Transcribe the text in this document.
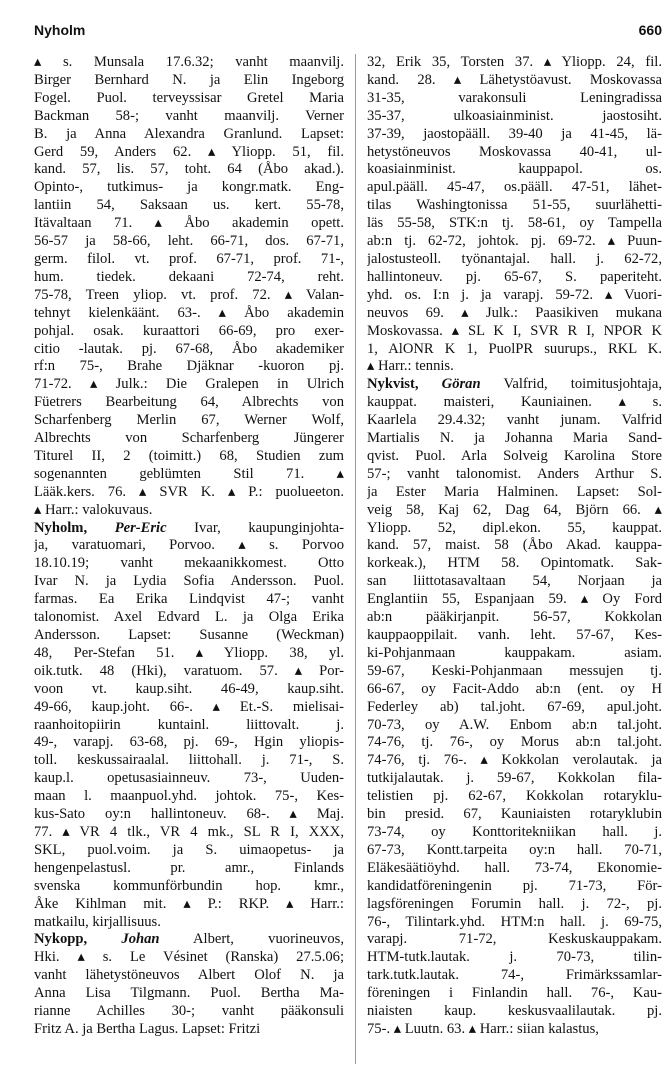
Nyholm	660
▴ s. Munsala 17.6.32; vanht maanvilj.
Birger Bernhard N. ja Elin Ingeborg
Fogel. Puol. terveyssisar Gretel Maria
Backman 58-; vanht maanvilj. Verner
B. ja Anna Alexandra Granlund. Lapset:
Gerd 59, Anders 62. ▴ Yliopp. 51, fil.
kand. 57, lis. 57, toht. 64 (Åbo akad.).
Opinto-, tutkimus- ja kongr.matk. Eng-
lantiin 54, Saksaan us. kert. 55-78,
Itävaltaan 71. ▴ Åbo akademin opett.
56-57 ja 58-66, leht. 66-71, dos. 67-71,
germ. filol. vt. prof. 67-71, prof. 71-,
hum. tiedek. dekaani 72-74, reht.
75-78, Treen yliop. vt. prof. 72. ▴ Valan-
tehnyt kielenkäänt. 63-. ▴ Åbo akademin
pohjal. osak. kuraattori 66-69, pro exer-
citio -lautak. pj. 67-68, Åbo akademiker
rf:n 75-, Brahe Djäknar -kuoron pj.
71-72. ▴ Julk.: Die Gralepen in Ulrich
Füetrers Bearbeitung 64, Albrechts von
Scharfenberg Merlin 67, Werner Wolf,
Albrechts von Scharfenberg Jüngerer
Titurel II, 2 (toimitt.) 68, Studien zum
sogenannten geblümten Stil 71. ▴
Lääk.kers. 76. ▴ SVR K. ▴ P.: puolueeton.
▴ Harr.: valokuvaus.
Nyholm, Per-Eric Ivar, kaupunginjohta-
ja, varatuomari, Porvoo. ▴ s. Porvoo
18.10.19; vanht mekaanikkomest. Otto
Ivar N. ja Lydia Sofia Andersson. Puol.
farmas. Ea Erika Lindqvist 47-; vanht
talonomist. Axel Edvard L. ja Olga Erika
Andersson. Lapset: Susanne (Weckman)
48, Per-Stefan 51. ▴ Yliopp. 38, yl.
oik.tutk. 48 (Hki), varatuom. 57. ▴ Por-
voon vt. kaup.siht. 46-49, kaup.siht.
49-66, kaup.joht. 66-. ▴ Et.-S. mielisai-
raanhoitopiirin kuntainl. liittovalt. j.
49-, varapj. 63-68, pj. 69-, Hgin yliopis-
toll. keskussairaalal. liittohall. j. 71-, S.
kaup.l. opetusasiainneuv. 73-, Uuden-
maan l. maanpuol.yhd. johtok. 75-, Kes-
kus-Sato oy:n hallintoneuv. 68-. ▴ Maj.
77. ▴ VR 4 tlk., VR 4 mk., SL R I, XXX,
SKL, puol.voim. ja S. uimaopetus- ja
hengenpelastusl. pr. amr., Finlands
svenska kommunförbundin hop. kmr.,
Åke Kihlman mit. ▴ P.: RKP. ▴ Harr.:
matkailu, kirjallisuus.
Nykopp, Johan Albert, vuorineuvos,
Hki. ▴ s. Le Vésinet (Ranska) 27.5.06;
vanht lähetystöneuvos Albert Olof N. ja
Anna Lisa Tilgmann. Puol. Bertha Ma-
rianne Achilles 30-; vanht pääkonsuli
Fritz A. ja Bertha Lagus. Lapset: Fritzi
32, Erik 35, Torsten 37. ▴ Yliopp. 24, fil.
kand. 28. ▴ Lähetystöavust. Moskovassa
31-35, varakonsuli Leningradissa
35-37, ulkoasiainminist. jaostosiht.
37-39, jaostopääll. 39-40 ja 41-45, lä-
hetystöneuvos Moskovassa 40-41, ul-
koasiainminist. kauppapol. os.
apul.pääll. 45-47, os.pääll. 47-51, lähet-
tilas Washingtonissa 51-55, suurlähetti-
läs 55-58, STK:n tj. 58-61, oy Tampella
ab:n tj. 62-72, johtok. pj. 69-72. ▴ Puun-
jalostusteoll. työnantajal. hall. j. 62-72,
hallintoneuv. pj. 65-67, S. paperiteht.
yhd. os. I:n j. ja varapj. 59-72. ▴ Vuori-
neuvos 69. ▴ Julk.: Paasikiven mukana
Moskovassa. ▴ SL K I, SVR R I, NPOR K
1, AlONR K 1, PuolPR suurups., RKL K.
▴ Harr.: tennis.
Nykvist, Göran Valfrid, toimitusjohtaja,
kauppat. maisteri, Kauniainen. ▴ s.
Kaarlela 29.4.32; vanht junam. Valfrid
Martialis N. ja Johanna Maria Sand-
qvist. Puol. Arla Solveig Karolina Store
57-; vanht talonomist. Anders Arthur S.
ja Ester Maria Halminen. Lapset: Sol-
veig 58, Kaj 62, Dag 64, Björn 66. ▴
Yliopp. 52, dipl.ekon. 55, kauppat.
kand. 57, maist. 58 (Åbo Akad. kauppa-
korkeak.), HTM 58. Opintomatk. Sak-
san liittotasavaltaan 54, Norjaan ja
Englantiin 55, Espanjaan 59. ▴ Oy Ford
ab:n pääkirjanpit. 56-57, Kokkolan
kauppaoppilait. vanh. leht. 57-67, Kes-
ki-Pohjanmaan kauppakam. asiam.
59-67, Keski-Pohjanmaan messujen tj.
66-67, oy Facit-Addo ab:n (ent. oy H
Federley ab) tal.joht. 67-69, apul.joht.
70-73, oy A.W. Enbom ab:n tal.joht.
74-76, tj. 76-, oy Morus ab:n tal.joht.
74-76, tj. 76-. ▴ Kokkolan verolautak. ja
tutkijalautak. j. 59-67, Kokkolan fila-
telistien pj. 62-67, Kokkolan rotaryklu-
bin presid. 67, Kauniaisten rotaryklubin
73-74, oy Konttoritekniikan hall. j.
67-73, Kontt.tarpeita oy:n hall. 70-71,
Eläkesäätiöyhd. hall. 73-74, Ekonomie-
kandidatföreningenin pj. 71-73, För-
lagsföreningen Forumin hall. j. 72-, pj.
76-, Tilintark.yhd. HTM:n hall. j. 69-75,
varapj. 71-72, Keskuskauppakam.
HTM-tutk.lautak. j. 70-73, tilin-
tark.tutk.lautak. 74-, Frimärkssamlar-
föreningen i Finlandin hall. 76-, Kau-
niaisten kaup. keskusvaalilautak. pj.
75-. ▴ Luutn. 63. ▴ Harr.: siian kalastus,
